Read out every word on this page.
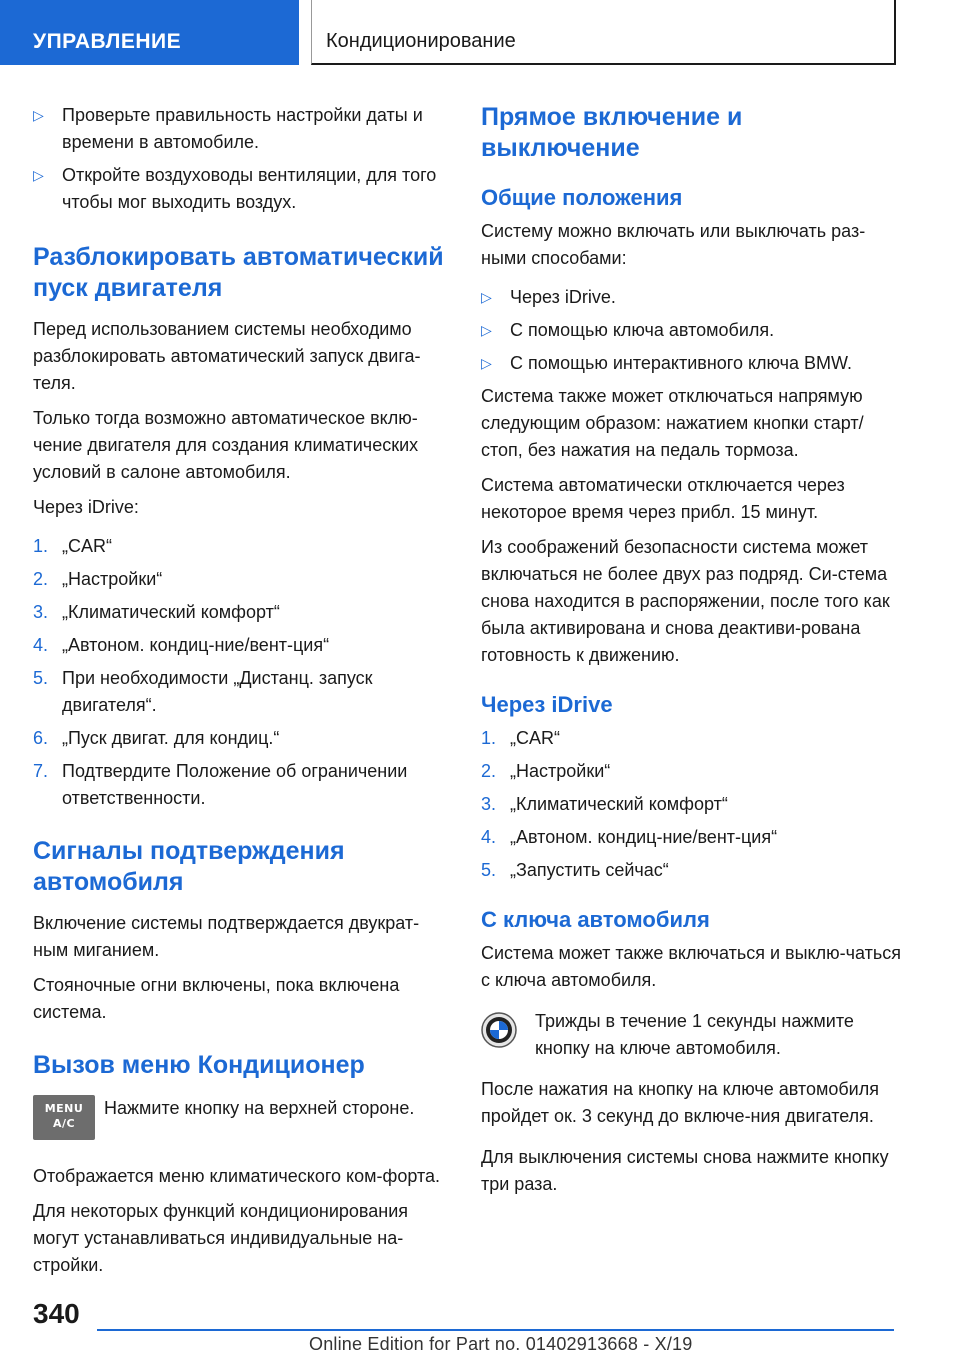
УПРАВЛЕНИЕ	Кондиционирование
▷ Проверьте правильность настройки даты и времени в автомобиле.
▷ Откройте воздуховоды вентиляции, для того чтобы мог выходить воздух.
Разблокировать автоматический пуск двигателя

Перед использованием системы необходимо разблокировать автоматический запуск двига-теля.

Только тогда возможно автоматическое вклю-чение двигателя для создания климатических условий в салоне автомобиля.

Через iDrive:

1. „CAR“
2. „Настройки“
3. „Климатический комфорт“
4. „Автоном. кондиц-ние/вент-ция“
5. При необходимости „Дистанц. запуск двигателя“.
6. „Пуск двигат. для кондиц.“
7. Подтвердите Положение об ограничении ответственности.
Сигналы подтверждения автомобиля

Включение системы подтверждается двукрат-ным миганием.

Стояночные огни включены, пока включена система.

Вызов меню Кондиционер
MENU
A/C
Нажмите кнопку на верхней стороне.

Отображается меню климатического ком-форта.

Для некоторых функций кондиционирования могут устанавливаться индивидуальные на-стройки.

Прямое включение и выключение
Общие положения

Систему можно включать или выключать раз-ными способами:

▷ Через iDrive.
▷ С помощью ключа автомобиля.
▷ С помощью интерактивного ключа BMW.

Система также может отключаться напрямую следующим образом: нажатием кнопки старт/стоп, без нажатия на педаль тормоза.

Система автоматически отключается через некоторое время через прибл. 15 минут.

Из соображений безопасности система может включаться не более двух раз подряд. Си-стема снова находится в распоряжении, после того как была активирована и снова деактиви-рована готовность к движению.

Через iDrive
1. „CAR“
2. „Настройки“
3. „Климатический комфорт“
4. „Автоном. кондиц-ние/вент-ция“
5. „Запустить сейчас“
С ключа автомобиля

Система может также включаться и выклю-чаться с ключа автомобиля.

Трижды в течение 1 секунды нажмите кнопку на ключе автомобиля.

После нажатия на кнопку на ключе автомобиля пройдет ок. 3 секунд до включе-ния двигателя.

Для выключения системы снова нажмите кнопку три раза.

340
Online Edition for Part no. 01402913668 - X/19
